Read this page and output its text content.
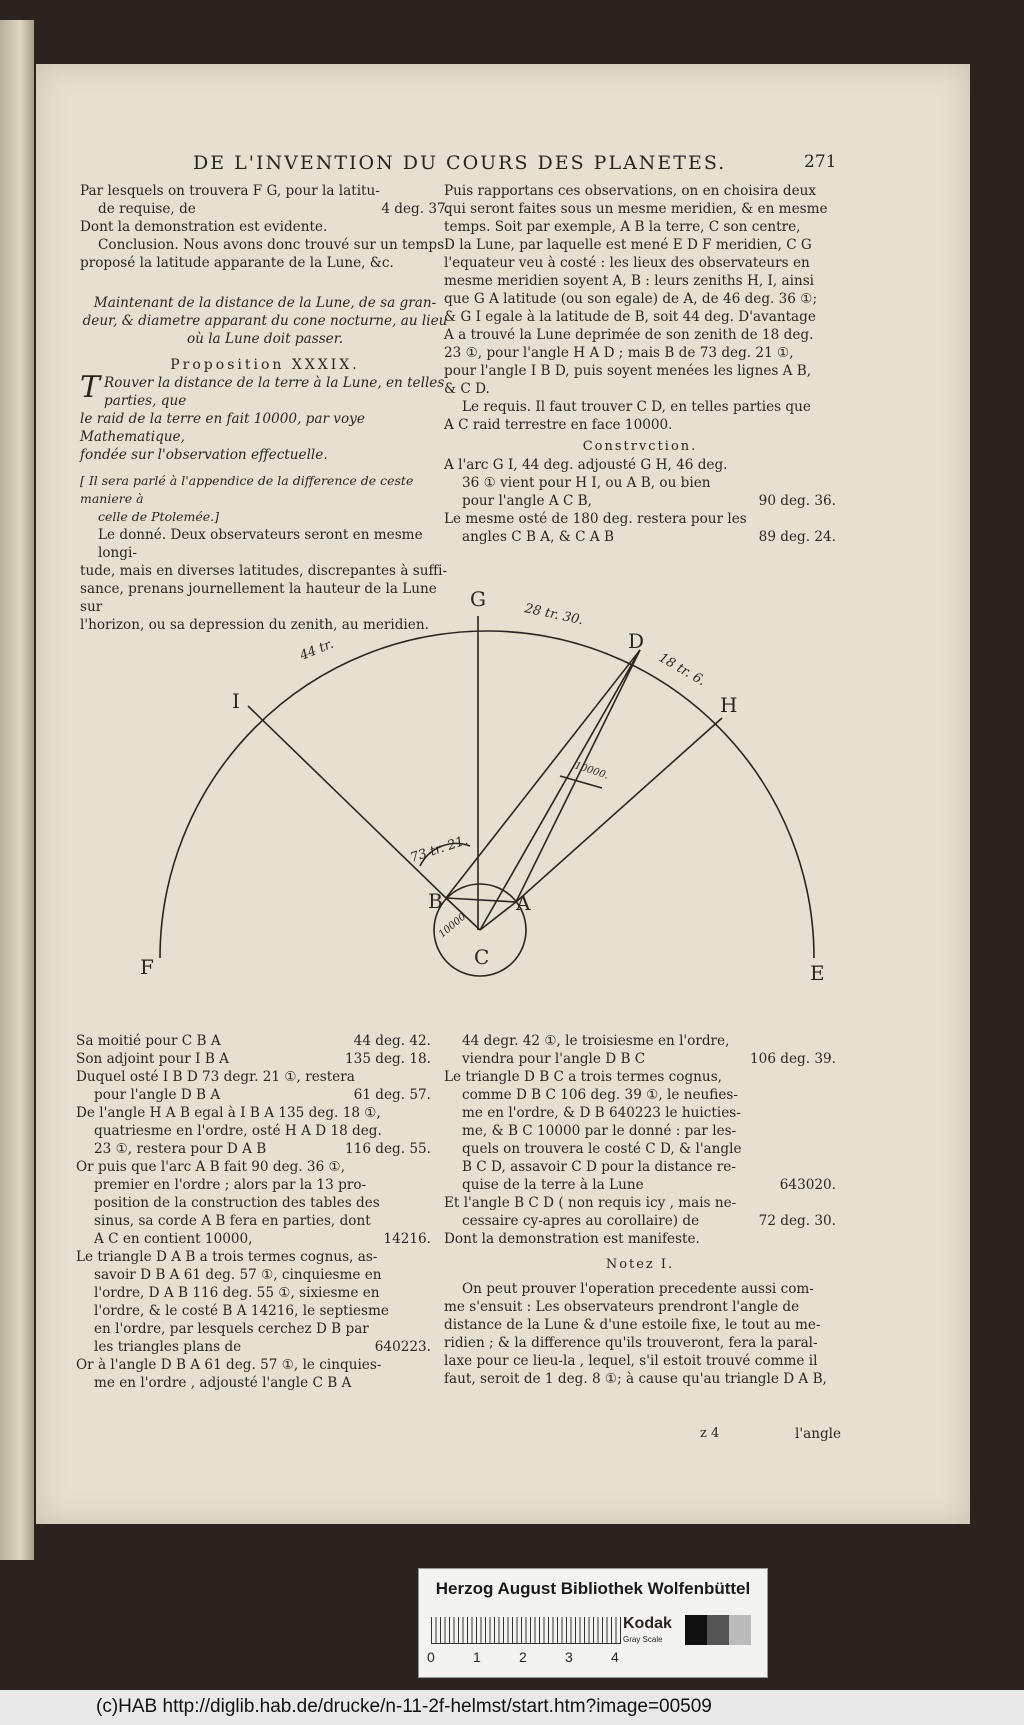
DE L'INVENTION DU COURS DES PLANETES.	271

Par lesquels on trouvera F G, pour la latitu-

de requise, de	4 deg. 37.

Dont la demonstration est evidente.

Conclusion. Nous avons donc trouvé sur un temps

proposé la latitude apparante de la Lune, &c.

Maintenant de la distance de la Lune, de sa gran-

deur, & diametre apparant du cone nocturne, au lieu

où la Lune doit passer.

Proposition XXXIX.

T Rouver la distance de la terre à la Lune, en telles parties, que

le raid de la terre en fait 10000, par voye Mathematique,

fondée sur l'observation effectuelle.

[ Il sera parlé à l'appendice de la difference de ceste maniere à

celle de Ptolemée.]

Le donné. Deux observateurs seront en mesme longi-

tude, mais en diverses latitudes, discrepantes à suffi-

sance, prenans journellement la hauteur de la Lune sur

l'horizon, ou sa depression du zenith, au meridien.

Puis rapportans ces observations, on en choisira deux

qui seront faites sous un mesme meridien, & en mesme

temps. Soit par exemple, A B la terre, C son centre,

D la Lune, par laquelle est mené E D F meridien, C G

l'equateur veu à costé : les lieux des observateurs en

mesme meridien soyent A, B : leurs zeniths H, I, ainsi

que G A latitude (ou son egale) de A, de 46 deg. 36 ①;

& G I egale à la latitude de B, soit 44 deg. D'avantage

A a trouvé la Lune deprimée de son zenith de 18 deg.

23 ①, pour l'angle H A D ; mais B de 73 deg. 21 ①,

pour l'angle I B D, puis soyent menées les lignes A B,

& C D.

Le requis. Il faut trouver C D, en telles parties que

A C raid terrestre en face 10000.

Constrvction.

A l'arc G I, 44 deg. adjousté G H, 46 deg.

36 ① vient pour H I, ou A B, ou bien

pour l'angle A C B,	90 deg. 36.

Le mesme osté de 180 deg. restera pour les

angles C B A, & C A B	89 deg. 24.

G
D
H
I
B	A
C
F	E
44 tr.
28 tr. 30.
18 tr. 6.
73 tr. 21.
10000.
10000

Sa moitié pour C B A	44 deg. 42.

Son adjoint pour I B A	135 deg. 18.

Duquel osté I B D 73 degr. 21 ①, restera

pour l'angle D B A	61 deg. 57.

De l'angle H A B egal à I B A 135 deg. 18 ①,

quatriesme en l'ordre, osté H A D 18 deg.

23 ①, restera pour D A B	116 deg. 55.

Or puis que l'arc A B fait 90 deg. 36 ①,

premier en l'ordre ; alors par la 13 pro-

position de la construction des tables des

sinus, sa corde A B fera en parties, dont

A C en contient 10000,	14216.

Le triangle D A B a trois termes cognus, as-

savoir D B A 61 deg. 57 ①, cinquiesme en

l'ordre, D A B 116 deg. 55 ①, sixiesme en

l'ordre, & le costé B A 14216, le septiesme

en l'ordre, par lesquels cerchez D B par

les triangles plans de	640223.

Or à l'angle D B A 61 deg. 57 ①, le cinquies-

me en l'ordre , adjousté l'angle C B A

44 degr. 42 ①, le troisiesme en l'ordre,

viendra pour l'angle D B C	106 deg. 39.

Le triangle D B C a trois termes cognus,

comme D B C 106 deg. 39 ①, le neufies-

me en l'ordre, & D B 640223 le huicties-

me, & B C 10000 par le donné : par les-

quels on trouvera le costé C D, & l'angle

B C D, assavoir C D pour la distance re-

quise de la terre à la Lune	643020.

Et l'angle B C D ( non requis icy , mais ne-

cessaire cy-apres au corollaire) de	72 deg. 30.

Dont la demonstration est manifeste.

Notez I.

On peut prouver l'operation precedente aussi com-

me s'ensuit : Les observateurs prendront l'angle de

distance de la Lune & d'une estoile fixe, le tout au me-

ridien ; & la difference qu'ils trouveront, fera la paral-

laxe pour ce lieu-la , lequel, s'il estoit trouvé comme il

faut, seroit de 1 deg. 8 ①; à cause qu'au triangle D A B,

z 4	l'angle
Herzog August Bibliothek Wolfenbüttel
0	1	2	3	4
Kodak
Gray Scale
(c)HAB http://diglib.hab.de/drucke/n-11-2f-helmst/start.htm?image=00509
